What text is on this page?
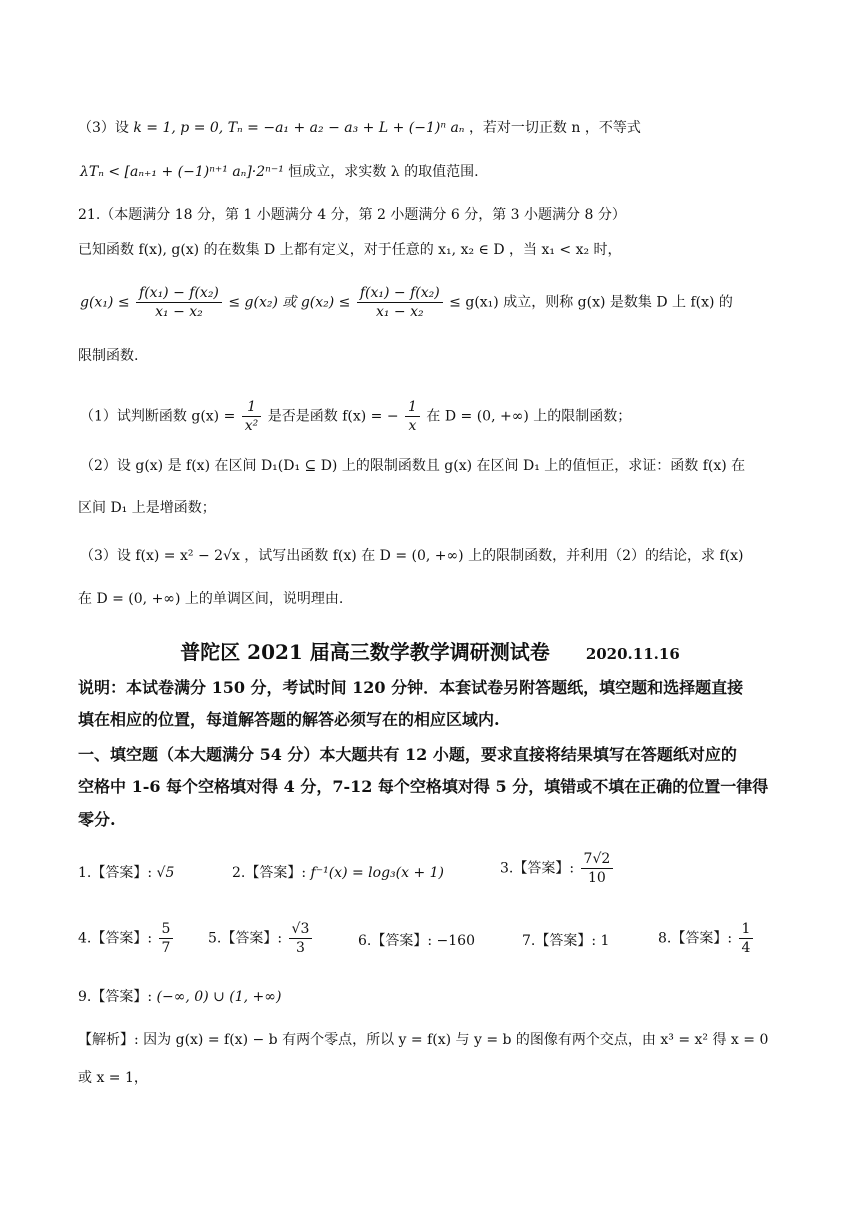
（3）设 k = 1, p = 0, Tₙ = −a₁ + a₂ − a₃ + L + (−1)ⁿ aₙ ，若对一切正数 n ，不等式
λTₙ < [aₙ₊₁ + (−1)ⁿ⁺¹ aₙ]·2ⁿ⁻¹ 恒成立，求实数 λ 的取值范围.
21.（本题满分 18 分，第 1 小题满分 4 分，第 2 小题满分 6 分，第 3 小题满分 8 分）
已知函数 f(x), g(x) 的在数集 D 上都有定义，对于任意的 x₁, x₂ ∈ D ，当 x₁ < x₂ 时，
$g(x_1) \le \frac{\text{f(x₁) − f(x₂)}}{\text{x₁ − x₂}} \le g(x_2)$ 或 $g(x_2) \le \frac{\text{f(x₁) − f(x₂)}}{\text{x₁ − x₂}} \le g(x_1)$ 成立，则称 g(x) 是数集 D 上 f(x) 的
限制函数.
（1）试判断函数 $g(x) = \frac{1}{\text{x²}}$ 是否是函数 f(x) = − $\frac{1}{x}$ 在 D = (0, +∞) 上的限制函数；
（2）设 g(x) 是 f(x) 在区间 D₁(D₁ ⊆ D) 上的限制函数且 g(x) 在区间 D₁ 上的值恒正，求证：函数 f(x) 在
区间 D₁ 上是增函数；
（3）设 f(x) = x² − 2√x ，试写出函数 f(x) 在 D = (0, +∞) 上的限制函数，并利用（2）的结论，求 f(x)
在 D = (0, +∞) 上的单调区间，说明理由.
普陀区 2021 届高三数学教学调研测试卷 2020.11.16
说明：本试卷满分 150 分，考试时间 120 分钟．本套试卷另附答题纸，填空题和选择题直接
填在相应的位置，每道解答题的解答必须写在的相应区域内.
一、填空题（本大题满分 54 分）本大题共有 12 小题，要求直接将结果填写在答题纸对应的
空格中 1-6 每个空格填对得 4 分，7-12 每个空格填对得 5 分，填错或不填在正确的位置一律得
零分.
1.【答案】: √5	2.【答案】: f⁻¹(x) = log₃(x + 1)	3.【答案】: $\frac{7√2}{10}$
4.【答案】: $\frac{5}{7} 5$.【答案】: $\frac{√3}{3}$	6.【答案】: −160	7.【答案】: 1	8.【答案】: $\frac{1}{4}$
9.【答案】: (−∞, 0) ∪ (1, +∞)
【解析】: 因为 g(x) = f(x) − b 有两个零点，所以 y = f(x) 与 y = b 的图像有两个交点，由 x³ = x² 得 x = 0
或 x = 1，
